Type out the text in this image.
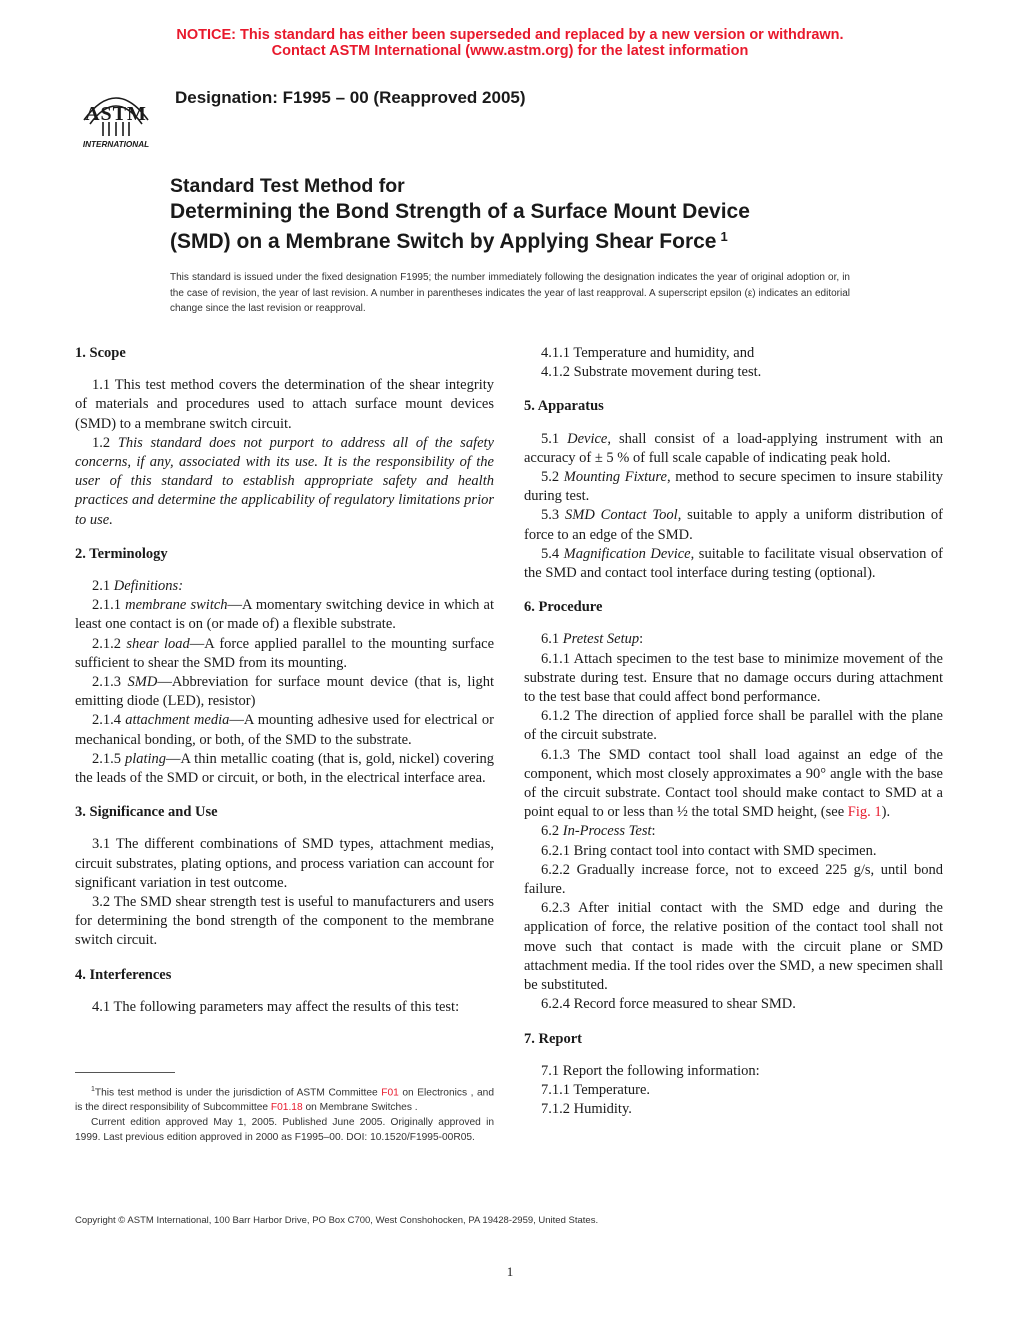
NOTICE: This standard has either been superseded and replaced by a new version or withdrawn.
Contact ASTM International (www.astm.org) for the latest information
ASTM
INTERNATIONAL
Designation: F1995 – 00 (Reapproved 2005)
Standard Test Method for
Determining the Bond Strength of a Surface Mount Device
(SMD) on a Membrane Switch by Applying Shear Force $^1$
This standard is issued under the fixed designation F1995; the number immediately following the designation indicates the year of original adoption or, in the case of revision, the year of last revision. A number in parentheses indicates the year of last reapproval. A superscript epsilon (ε) indicates an editorial change since the last revision or reapproval.
1. Scope

1.1 This test method covers the determination of the shear integrity of materials and procedures used to attach surface mount devices (SMD) to a membrane switch circuit.

1.2 This standard does not purport to address all of the safety concerns, if any, associated with its use. It is the responsibility of the user of this standard to establish appropriate safety and health practices and determine the applicability of regulatory limitations prior to use.

2. Terminology

2.1 Definitions:

2.1.1 membrane switch—A momentary switching device in which at least one contact is on (or made of) a flexible substrate.

2.1.2 shear load—A force applied parallel to the mounting surface sufficient to shear the SMD from its mounting.

2.1.3 SMD—Abbreviation for surface mount device (that is, light emitting diode (LED), resistor)

2.1.4 attachment media—A mounting adhesive used for electrical or mechanical bonding, or both, of the SMD to the substrate.

2.1.5 plating—A thin metallic coating (that is, gold, nickel) covering the leads of the SMD or circuit, or both, in the electrical interface area.

3. Significance and Use

3.1 The different combinations of SMD types, attachment medias, circuit substrates, plating options, and process variation can account for significant variation in test outcome.

3.2 The SMD shear strength test is useful to manufacturers and users for determining the bond strength of the component to the membrane switch circuit.

4. Interferences

4.1 The following parameters may affect the results of this test:

4.1.1 Temperature and humidity, and

4.1.2 Substrate movement during test.

5. Apparatus

5.1 Device, shall consist of a load-applying instrument with an accuracy of ± 5 % of full scale capable of indicating peak hold.

5.2 Mounting Fixture, method to secure specimen to insure stability during test.

5.3 SMD Contact Tool, suitable to apply a uniform distribution of force to an edge of the SMD.

5.4 Magnification Device, suitable to facilitate visual observation of the SMD and contact tool interface during testing (optional).

6. Procedure

6.1 Pretest Setup:

6.1.1 Attach specimen to the test base to minimize movement of the substrate during test. Ensure that no damage occurs during attachment to the test base that could affect bond performance.

6.1.2 The direction of applied force shall be parallel with the plane of the circuit substrate.

6.1.3 The SMD contact tool shall load against an edge of the component, which most closely approximates a 90° angle with the base of the circuit substrate. Contact tool should make contact to SMD at a point equal to or less than ½ the total SMD height, (see Fig. 1).

6.2 In-Process Test:

6.2.1 Bring contact tool into contact with SMD specimen.

6.2.2 Gradually increase force, not to exceed 225 g/s, until bond failure.

6.2.3 After initial contact with the SMD edge and during the application of force, the relative position of the contact tool shall not move such that contact is made with the circuit plane or SMD attachment media. If the tool rides over the SMD, a new specimen shall be substituted.

6.2.4 Record force measured to shear SMD.

7. Report

7.1 Report the following information:

7.1.1 Temperature.

7.1.2 Humidity.

$^1$This test method is under the jurisdiction of ASTM Committee F01 on Electronics , and is the direct responsibility of Subcommittee F01.18 on Membrane Switches .

Current edition approved May 1, 2005. Published June 2005. Originally approved in 1999. Last previous edition approved in 2000 as F1995–00. DOI: 10.1520/F1995-00R05.

Copyright © ASTM International, 100 Barr Harbor Drive, PO Box C700, West Conshohocken, PA 19428-2959, United States.
1
